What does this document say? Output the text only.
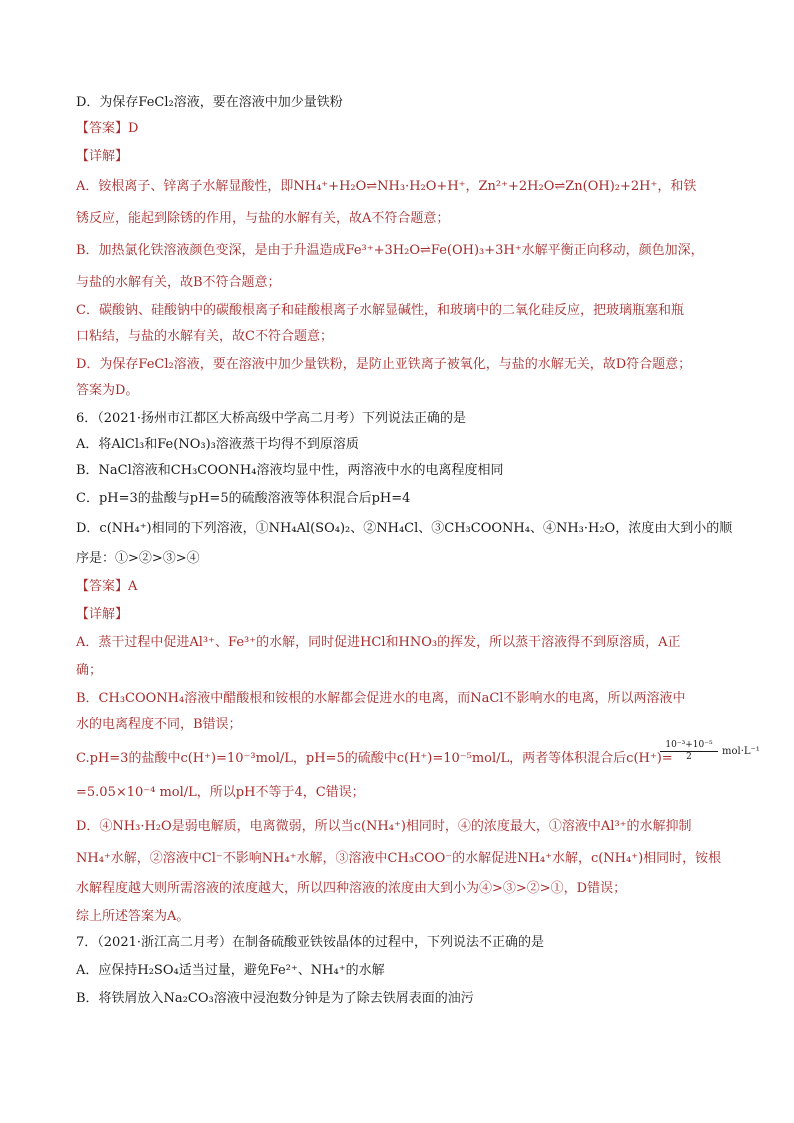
D．为保存FeCl₂溶液，要在溶液中加少量铁粉
【答案】D
【详解】
A．铵根离子、锌离子水解显酸性，即NH₄⁺+H₂O⇌NH₃·H₂O+H⁺，Zn²⁺+2H₂O⇌Zn(OH)₂+2H⁺，和铁
锈反应，能起到除锈的作用，与盐的水解有关，故A不符合题意；
B．加热氯化铁溶液颜色变深，是由于升温造成Fe³⁺+3H₂O⇌Fe(OH)₃+3H⁺水解平衡正向移动，颜色加深，
与盐的水解有关，故B不符合题意；
C．碳酸钠、硅酸钠中的碳酸根离子和硅酸根离子水解显碱性，和玻璃中的二氧化硅反应，把玻璃瓶塞和瓶
口粘结，与盐的水解有关，故C不符合题意；
D．为保存FeCl₂溶液，要在溶液中加少量铁粉，是防止亚铁离子被氧化，与盐的水解无关，故D符合题意；
答案为D。
6．（2021·扬州市江都区大桥高级中学高二月考）下列说法正确的是
A．将AlCl₃和Fe(NO₃)₃溶液蒸干均得不到原溶质
B．NaCl溶液和CH₃COONH₄溶液均显中性，两溶液中水的电离程度相同
C．pH=3的盐酸与pH=5的硫酸溶液等体积混合后pH=4
D．c(NH₄⁺)相同的下列溶液，①NH₄Al(SO₄)₂、②NH₄Cl、③CH₃COONH₄、④NH₃·H₂O，浓度由大到小的顺
序是：①>②>③>④
【答案】A
【详解】
A．蒸干过程中促进Al³⁺、Fe³⁺的水解，同时促进HCl和HNO₃的挥发，所以蒸干溶液得不到原溶质，A正
确；
B．CH₃COONH₄溶液中醋酸根和铵根的水解都会促进水的电离，而NaCl不影响水的电离，所以两溶液中
水的电离程度不同，B错误；
C.pH=3的盐酸中c(H⁺)=10⁻³mol/L，pH=5的硫酸中c(H⁺)=10⁻⁵mol/L，两者等体积混合后c(H⁺)=
$\frac{\text{10⁻³+10⁻⁵}}{2} mol\cdot L^{-1}$
=5.05×10⁻⁴ mol/L，所以pH不等于4，C错误；
D．④NH₃·H₂O是弱电解质，电离微弱，所以当c(NH₄⁺)相同时，④的浓度最大，①溶液中Al³⁺的水解抑制
NH₄⁺水解，②溶液中Cl⁻不影响NH₄⁺水解，③溶液中CH₃COO⁻的水解促进NH₄⁺水解，c(NH₄⁺)相同时，铵根
水解程度越大则所需溶液的浓度越大，所以四种溶液的浓度由大到小为④>③>②>①，D错误；
综上所述答案为A。
7．（2021·浙江高二月考）在制备硫酸亚铁铵晶体的过程中，下列说法不正确的是
A．应保持H₂SO₄适当过量，避免Fe²⁺、NH₄⁺的水解
B．将铁屑放入Na₂CO₃溶液中浸泡数分钟是为了除去铁屑表面的油污
